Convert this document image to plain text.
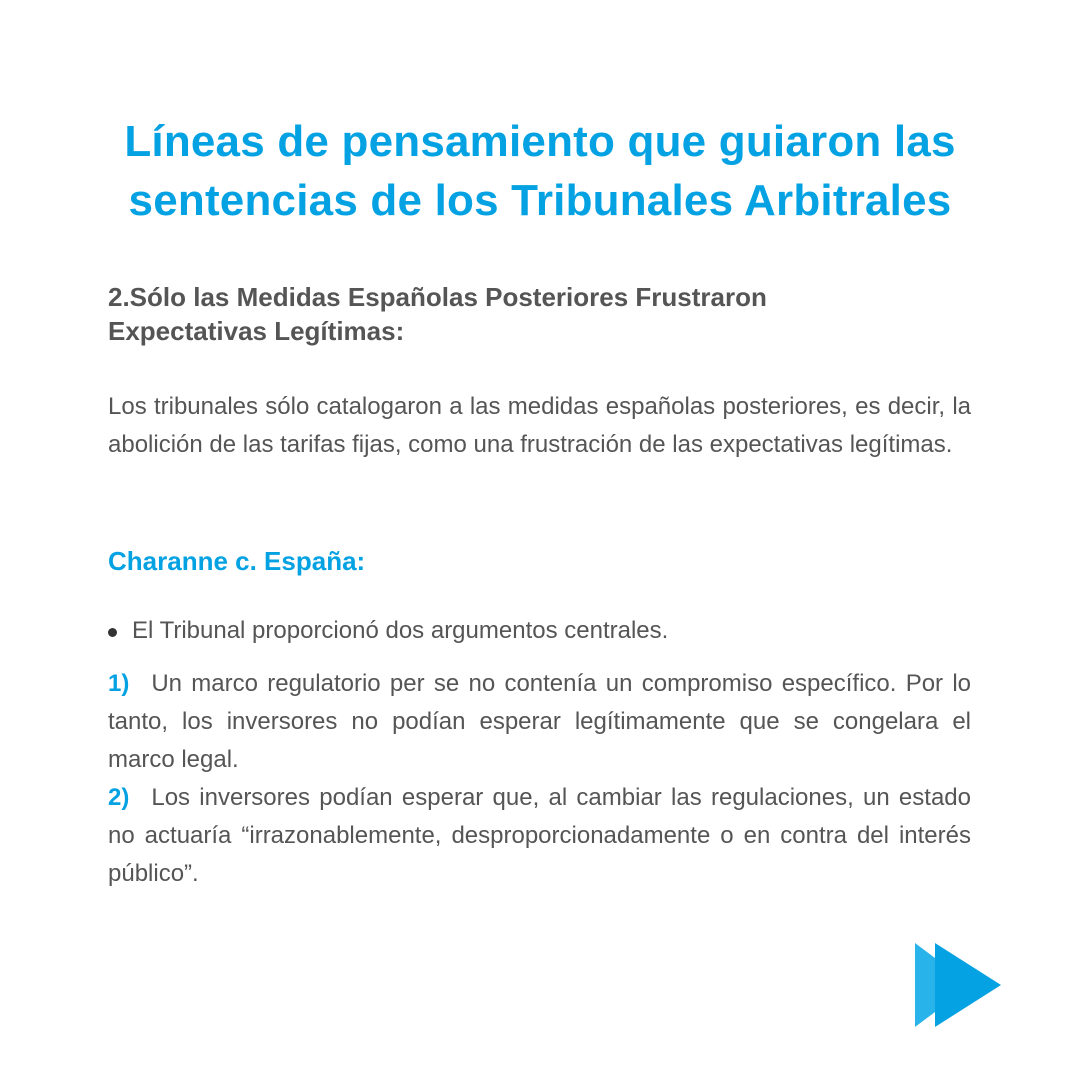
Líneas de pensamiento que guiaron las
sentencias de los Tribunales Arbitrales
2.Sólo las Medidas Españolas Posteriores Frustraron
Expectativas Legítimas:

Los tribunales sólo catalogaron a las medidas españolas posteriores, es decir, la abolición de las tarifas fijas, como una frustración de las expectativas legítimas.

Charanne c. España:
El Tribunal proporcionó dos argumentos centrales.
1) Un marco regulatorio per se no contenía un compromiso específico. Por lo tanto, los inversores no podían esperar legítimamente que se congelara el marco legal.
2) Los inversores podían esperar que, al cambiar las regulaciones, un estado no actuaría “irrazonablemente, desproporcionadamente o en contra del interés público”.
